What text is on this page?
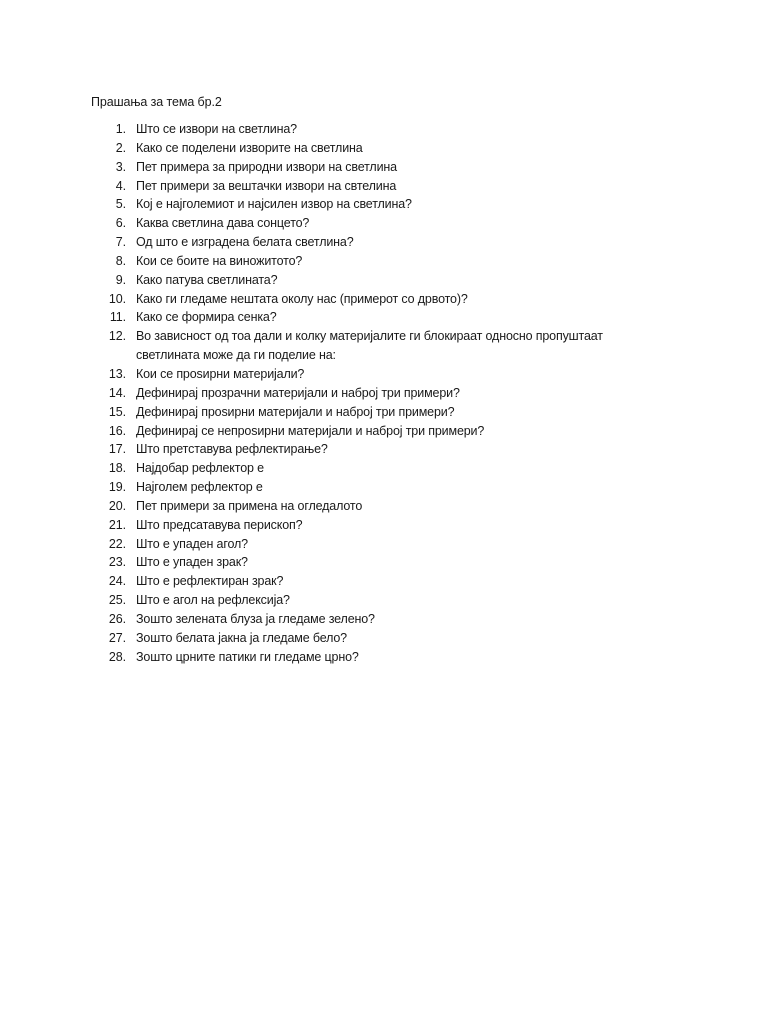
Прашања за тема бр.2
1. Што се извори на светлина?
2. Како се поделени изворите на светлина
3. Пет примера за природни извори на светлина
4. Пет примери за вештачки извори на свтелина
5. Кој е најголемиот и најсилен извор на светлина?
6. Каква светлина дава сонцето?
7. Од што е изградена белата светлина?
8. Кои се боите на виножитото?
9. Како патува светлината?
10. Како ги гледаме нештата околу нас (примерот со дрвото)?
11. Како се формира сенка?
12. Во зависност од тоа дали и колку материјалите ги блокираат односно пропуштаат светлината може да ги поделие на:
13. Кои се проѕирни материјали?
14. Дефинирај прозрачни материјали и наброј три примери?
15. Дефинирај проѕирни материјали и наброј три примери?
16. Дефинирај се непроѕирни материјали и наброј три примери?
17. Што претставува рефлектирање?
18. Најдобар рефлектор е
19. Најголем рефлектор е
20. Пет примери за примена на огледалото
21. Што предсатавува перископ?
22. Што е упаден агол?
23. Што е упаден зрак?
24. Што е рефлектиран зрак?
25. Што е агол на рефлексија?
26. Зошто зелената блуза ја гледаме зелено?
27. Зошто белата јакна ја гледаме бело?
28. Зошто црните патики ги гледаме црно?
